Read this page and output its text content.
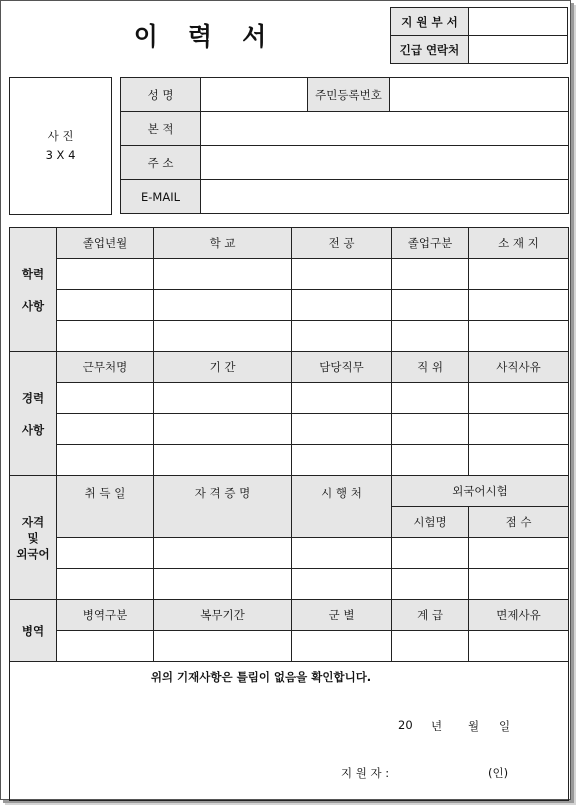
이 력 서
지 원 부 서	
긴급 연락처	
사 진
3 X 4
성 명		주민등록번호	
본 적			
주 소			
E-MAIL			
학력
사항	졸업년월	학 교	전 공	졸업구분	소 재 지

경력
사항	근무처명	기 간	담당직무	직 위	사직사유

자격
및
외국어	취 득 일	자 격 증 명	시 행 처	외국어시험	
				시험명	점 수

병역	병역구분	복무기간	군 별	계 급	면제사유

위의 기재사항은 틀림이 없음을 확인합니다.
20 년 월 일
지 원 자 :	(인)
